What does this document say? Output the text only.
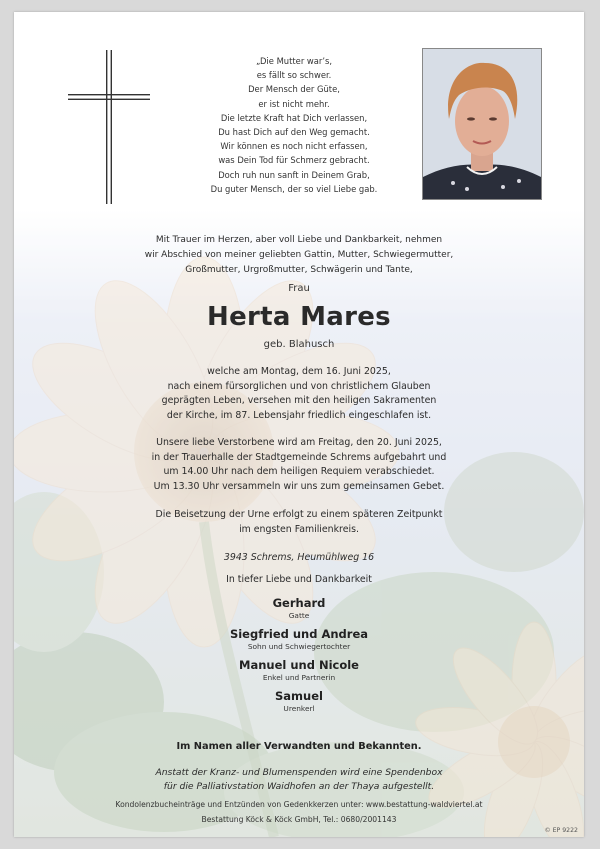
„Die Mutter war’s,
es fällt so schwer.
Der Mensch der Güte,
er ist nicht mehr.
Die letzte Kraft hat Dich verlassen,
Du hast Dich auf den Weg gemacht.
Wir können es noch nicht erfassen,
was Dein Tod für Schmerz gebracht.
Doch ruh nun sanft in Deinem Grab,
Du guter Mensch, der so viel Liebe gab.
Mit Trauer im Herzen, aber voll Liebe und Dankbarkeit, nehmen
wir Abschied von meiner geliebten Gattin, Mutter, Schwiegermutter,
Großmutter, Urgroßmutter, Schwägerin und Tante,
Frau
Herta Mares
geb. Blahusch
welche am Montag, dem 16. Juni 2025,
nach einem fürsorglichen und von christlichem Glauben
geprägten Leben, versehen mit den heiligen Sakramenten
der Kirche, im 87. Lebensjahr friedlich eingeschlafen ist.
Unsere liebe Verstorbene wird am Freitag, den 20. Juni 2025,
in der Trauerhalle der Stadtgemeinde Schrems aufgebahrt und
um 14.00 Uhr nach dem heiligen Requiem verabschiedet.
Um 13.30 Uhr versammeln wir uns zum gemeinsamen Gebet.
Die Beisetzung der Urne erfolgt zu einem späteren Zeitpunkt
im engsten Familienkreis.
3943 Schrems, Heumühlweg 16
In tiefer Liebe und Dankbarkeit
Gerhard
Gatte
Siegfried und Andrea
Sohn und Schwiegertochter
Manuel und Nicole
Enkel und Partnerin
Samuel
Urenkerl
Im Namen aller Verwandten und Bekannten.
Anstatt der Kranz- und Blumenspenden wird eine Spendenbox
für die Palliativstation Waidhofen an der Thaya aufgestellt.
Kondolenzbucheinträge und Entzünden von Gedenkkerzen unter: www.bestattung-waldviertel.at
Bestattung Köck & Köck GmbH, Tel.: 0680/2001143
© EP 9222
